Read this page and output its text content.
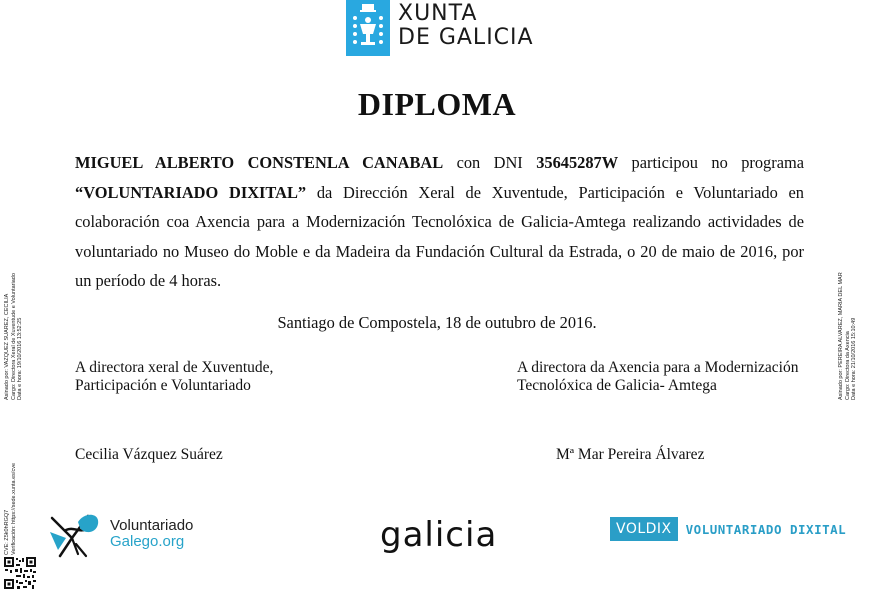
XUNTA
DE GALICIA
DIPLOMA
MIGUEL ALBERTO CONSTENLA CANABAL con DNI 35645287W participou no programa “VOLUNTARIADO DIXITAL” da Dirección Xeral de Xuventude, Participación e Voluntariado en colaboración coa Axencia para a Modernización Tecnolóxica de Galicia-Amtega realizando actividades de voluntariado no Museo do Moble e da Madeira da Fundación Cultural da Estrada, o 20 de maio de 2016, por un período de 4 horas.
Santiago de Compostela, 18 de outubro de 2016.
A directora xeral de Xuventude,
Participación e Voluntariado
A directora da Axencia para a Modernización
Tecnolóxica de Galicia- Amtega
Cecilia Vázquez Suárez	Mª Mar Pereira Álvarez
Asinado por: VAZQUEZ SUAREZ, CECILIA Cargo: Directora Xeral de Xuventude e Voluntariado Data e hora: 19/10/2016 13:52:25
CVE: Z5k0hRGQ7 Verificación: https://sede.xunta.es/cve
Asinado por: PEREIRA ALVAREZ, MARIA DEL MAR Cargo: Directora da Axencia Data e hora: 21/10/2016 15:10:49
Voluntariado
Galego.org	galicia	VOLDIX	VOLUNTARIADO DIXITAL
